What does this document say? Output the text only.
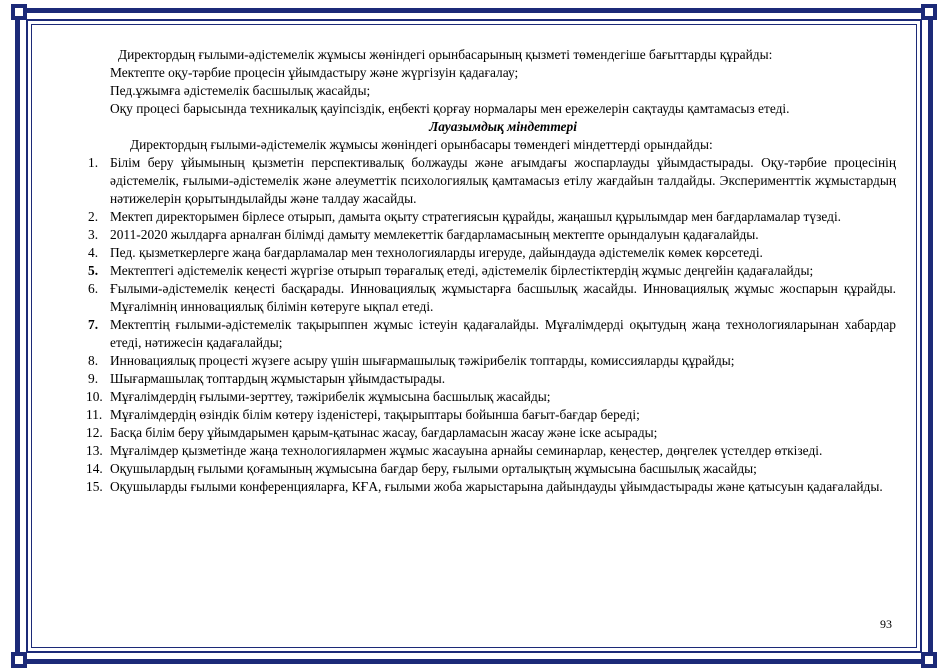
Директордың ғылыми-әдістемелік жұмысы жөніндегі орынбасарының қызметі төмендегіше бағыттарды құрайды:

Мектепте оқу-тәрбие процесін ұйымдастыру және жүргізуін қадағалау;

Пед.ұжымға әдістемелік басшылық жасайды;

Оқу процесі барысында техникалық қауіпсіздік, еңбекті қорғау нормалары мен ережелерін сақтауды қамтамасыз етеді.

Лауазымдық міндеттері

Директордың ғылыми-әдістемелік жұмысы жөніндегі орынбасары төмендегі міндеттерді орындайды:

1. Білім беру ұйымының қызметін перспективалық болжауды және ағымдағы жоспарлауды ұйымдастырады. Оқу-тәрбие процесінің әдістемелік, ғылыми-әдістемелік және әлеуметтік психологиялық қамтамасыз етілу жағдайын талдайды. Эксперименттік жұмыстардың нәтижелерін қорытындылайды және талдау жасайды.
2. Мектеп директорымен бірлесе отырып, дамыта оқыту стратегиясын құрайды, жаңашыл құрылымдар мен бағдарламалар түзеді.
3. 2011-2020 жылдарға арналған білімді дамыту мемлекеттік бағдарламасының мектепте орындалуын қадағалайды.
4. Пед. қызметкерлерге жаңа бағдарламалар мен технологияларды игеруде, дайындауда әдістемелік көмек көрсетеді.
5. Мектептегі әдістемелік кеңесті жүргізе отырып төрағалық етеді, әдістемелік бірлестіктердің жұмыс деңгейін қадағалайды;
6. Ғылыми-әдістемелік кеңесті басқарады. Инновациялық жұмыстарға басшылық жасайды. Инновациялық жұмыс жоспарын құрайды. Мұғалімнің инновациялық білімін көтеруге ықпал етеді.
7. Мектептің ғылыми-әдістемелік тақырыппен жұмыс істеуін қадағалайды. Мұғалімдерді оқытудың жаңа технологияларынан хабардар етеді, нәтижесін қадағалайды;
8. Инновациялық процесті жүзеге асыру үшін шығармашылық тәжірибелік топтарды, комиссияларды құрайды;
9. Шығармашылақ топтардың жұмыстарын ұйымдастырады.
10. Мұғалімдердің ғылыми-зерттеу, тәжірибелік жұмысына басшылық жасайды;
11. Мұғалімдердің өзіндік білім көтеру ізденістері, тақырыптары бойынша бағыт-бағдар береді;
12. Басқа білім беру ұйымдарымен қарым-қатынас жасау, бағдарламасын жасау және іске асырады;
13. Мұғалімдер қызметінде жаңа технологиялармен жұмыс жасауына арнайы семинарлар, кеңестер, дөңгелек үстелдер өткізеді.
14. Оқушылардың ғылыми қоғамының жұмысына бағдар беру, ғылыми орталықтың жұмысына басшылық жасайды;
15. Оқушыларды ғылыми конференцияларға, КҒА, ғылыми жоба жарыстарына дайындауды ұйымдастырады және қатысуын қадағалайды.
93
